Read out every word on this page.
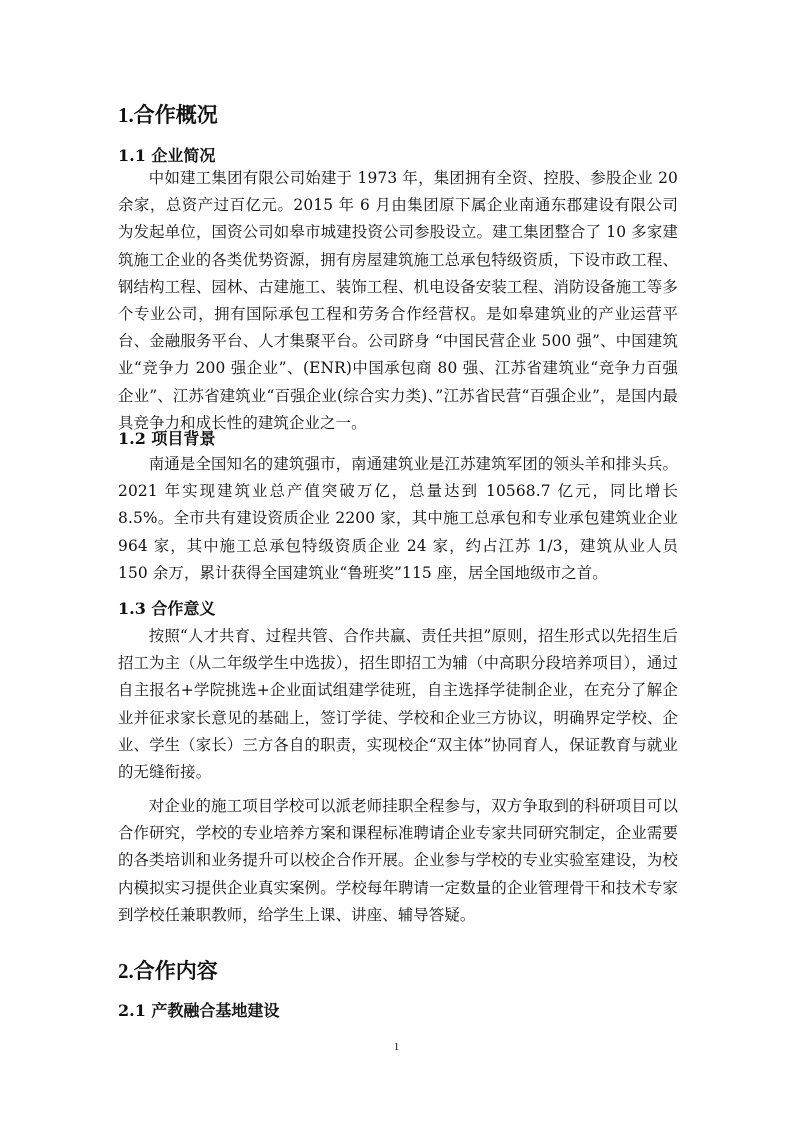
1.合作概况
1.1 企业简况

中如建工集团有限公司始建于 1973 年，集团拥有全资、控股、参股企业 20 余家，总资产过百亿元。2015 年 6 月由集团原下属企业南通东郡建设有限公司为发起单位，国资公司如皋市城建投资公司参股设立。建工集团整合了 10 多家建筑施工企业的各类优势资源，拥有房屋建筑施工总承包特级资质，下设市政工程、钢结构工程、园林、古建施工、装饰工程、机电设备安装工程、消防设备施工等多个专业公司，拥有国际承包工程和劳务合作经营权。是如皋建筑业的产业运营平台、金融服务平台、人才集聚平台。公司跻身 “中国民营企业 500 强”、中国建筑业“竞争力 200 强企业”、(ENR)中国承包商 80 强、江苏省建筑业“竞争力百强企业”、江苏省建筑业“百强企业(综合实力类)、”江苏省民营“百强企业”，是国内最具竞争力和成长性的建筑企业之一。

1.2 项目背景

南通是全国知名的建筑强市，南通建筑业是江苏建筑军团的领头羊和排头兵。2021 年实现建筑业总产值突破万亿，总量达到 10568.7 亿元，同比增长 8.5%。全市共有建设资质企业 2200 家，其中施工总承包和专业承包建筑业企业 964 家，其中施工总承包特级资质企业 24 家，约占江苏 1/3，建筑从业人员 150 余万，累计获得全国建筑业“鲁班奖”115 座，居全国地级市之首。

1.3 合作意义

按照“人才共育、过程共管、合作共赢、责任共担”原则，招生形式以先招生后招工为主（从二年级学生中选拔），招生即招工为辅（中高职分段培养项目），通过自主报名+学院挑选+企业面试组建学徒班，自主选择学徒制企业，在充分了解企业并征求家长意见的基础上，签订学徒、学校和企业三方协议，明确界定学校、企业、学生（家长）三方各自的职责，实现校企“双主体”协同育人，保证教育与就业的无缝衔接。

对企业的施工项目学校可以派老师挂职全程参与，双方争取到的科研项目可以合作研究，学校的专业培养方案和课程标准聘请企业专家共同研究制定，企业需要的各类培训和业务提升可以校企合作开展。企业参与学校的专业实验室建设，为校内模拟实习提供企业真实案例。学校每年聘请一定数量的企业管理骨干和技术专家到学校任兼职教师，给学生上课、讲座、辅导答疑。

2.合作内容
2.1 产教融合基地建设
1
